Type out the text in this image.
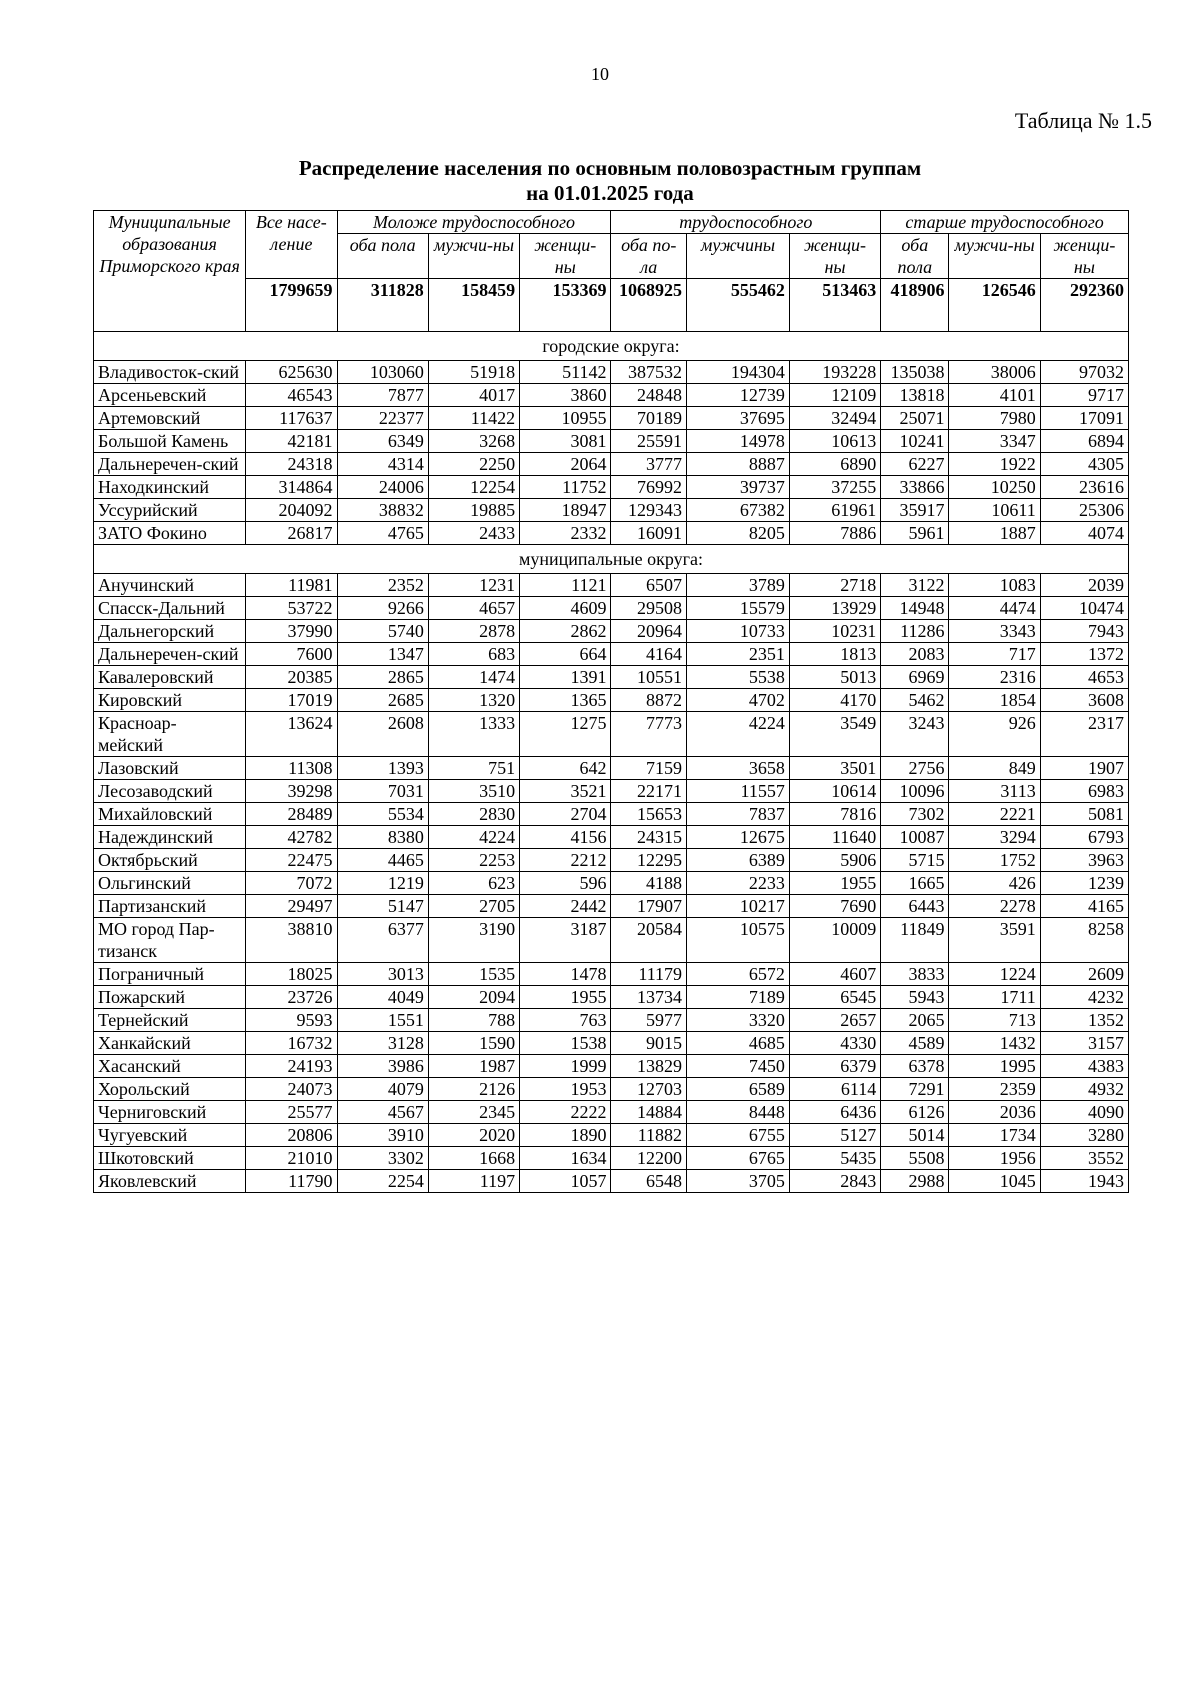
10
Таблица № 1.5
Распределение населения по основным половозрастным группам
на 01.01.2025 года
Муниципальные образования Приморского края	Все насе-ление	Моложе трудоспособного			трудоспособного			старше трудоспособного		
		оба пола	мужчи-ны	женщи-ны	оба по-ла	мужчины	женщи-ны	оба пола	мужчи-ны	женщи-ны
	1799659	311828	158459	153369	1068925	555462	513463	418906	126546	292360
городские округа:										
Владивосток-ский	625630	103060	51918	51142	387532	194304	193228	135038	38006	97032
Арсеньевский	46543	7877	4017	3860	24848	12739	12109	13818	4101	9717
Артемовский	117637	22377	11422	10955	70189	37695	32494	25071	7980	17091
Большой Камень	42181	6349	3268	3081	25591	14978	10613	10241	3347	6894
Дальнеречен-ский	24318	4314	2250	2064	3777	8887	6890	6227	1922	4305
Находкинский	314864	24006	12254	11752	76992	39737	37255	33866	10250	23616
Уссурийский	204092	38832	19885	18947	129343	67382	61961	35917	10611	25306
ЗАТО Фокино	26817	4765	2433	2332	16091	8205	7886	5961	1887	4074
муниципальные округа:										
Анучинский	11981	2352	1231	1121	6507	3789	2718	3122	1083	2039
Спасск-Дальний	53722	9266	4657	4609	29508	15579	13929	14948	4474	10474
Дальнегорский	37990	5740	2878	2862	20964	10733	10231	11286	3343	7943
Дальнеречен-ский	7600	1347	683	664	4164	2351	1813	2083	717	1372
Кавалеровский	20385	2865	1474	1391	10551	5538	5013	6969	2316	4653
Кировский	17019	2685	1320	1365	8872	4702	4170	5462	1854	3608
Красноар-мейский	13624	2608	1333	1275	7773	4224	3549	3243	926	2317
Лазовский	11308	1393	751	642	7159	3658	3501	2756	849	1907
Лесозаводский	39298	7031	3510	3521	22171	11557	10614	10096	3113	6983
Михайловский	28489	5534	2830	2704	15653	7837	7816	7302	2221	5081
Надеждинский	42782	8380	4224	4156	24315	12675	11640	10087	3294	6793
Октябрьский	22475	4465	2253	2212	12295	6389	5906	5715	1752	3963
Ольгинский	7072	1219	623	596	4188	2233	1955	1665	426	1239
Партизанский	29497	5147	2705	2442	17907	10217	7690	6443	2278	4165
МО город Пар-тизанск	38810	6377	3190	3187	20584	10575	10009	11849	3591	8258
Пограничный	18025	3013	1535	1478	11179	6572	4607	3833	1224	2609
Пожарский	23726	4049	2094	1955	13734	7189	6545	5943	1711	4232
Тернейский	9593	1551	788	763	5977	3320	2657	2065	713	1352
Ханкайский	16732	3128	1590	1538	9015	4685	4330	4589	1432	3157
Хасанский	24193	3986	1987	1999	13829	7450	6379	6378	1995	4383
Хорольский	24073	4079	2126	1953	12703	6589	6114	7291	2359	4932
Черниговский	25577	4567	2345	2222	14884	8448	6436	6126	2036	4090
Чугуевский	20806	3910	2020	1890	11882	6755	5127	5014	1734	3280
Шкотовский	21010	3302	1668	1634	12200	6765	5435	5508	1956	3552
Яковлевский	11790	2254	1197	1057	6548	3705	2843	2988	1045	1943
